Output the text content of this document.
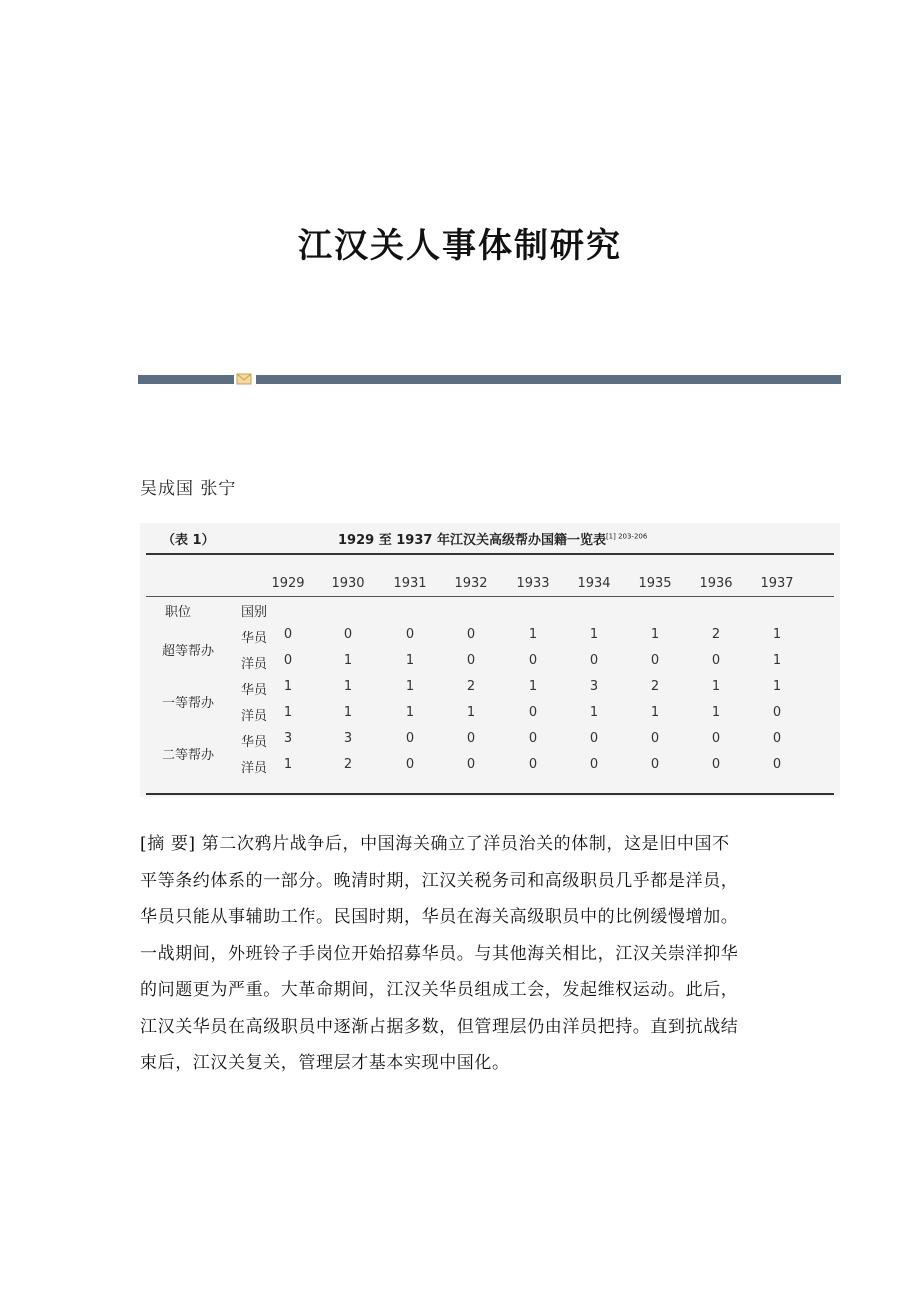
江汉关人事体制研究
吴成国 张宁
（表 1）	1929 至 1937 年江汉关高级帮办国籍一览表$^{[1] 203-206}$
1929 1930 1931 1932 1933 1934 1935 1936 1937
职位	国别
超等帮办
华员	0	0	0	0	1	1	1	2	1
洋员	0	1	1	0	0	0	0	0	1
一等帮办
华员	1	1	1	2	1	3	2	1	1
洋员	1	1	1	1	0	1	1	1	0
二等帮办
华员	3	3	0	0	0	0	0	0	0
洋员	1	2	0	0	0	0	0	0	0
[摘 要] 第二次鸦片战争后，中国海关确立了洋员治关的体制，这是旧中国不
平等条约体系的一部分。晚清时期，江汉关税务司和高级职员几乎都是洋员，
华员只能从事辅助工作。民国时期，华员在海关高级职员中的比例缓慢增加。
一战期间，外班铃子手岗位开始招募华员。与其他海关相比，江汉关崇洋抑华
的问题更为严重。大革命期间，江汉关华员组成工会，发起维权运动。此后，
江汉关华员在高级职员中逐渐占据多数，但管理层仍由洋员把持。直到抗战结
束后，江汉关复关，管理层才基本实现中国化。
